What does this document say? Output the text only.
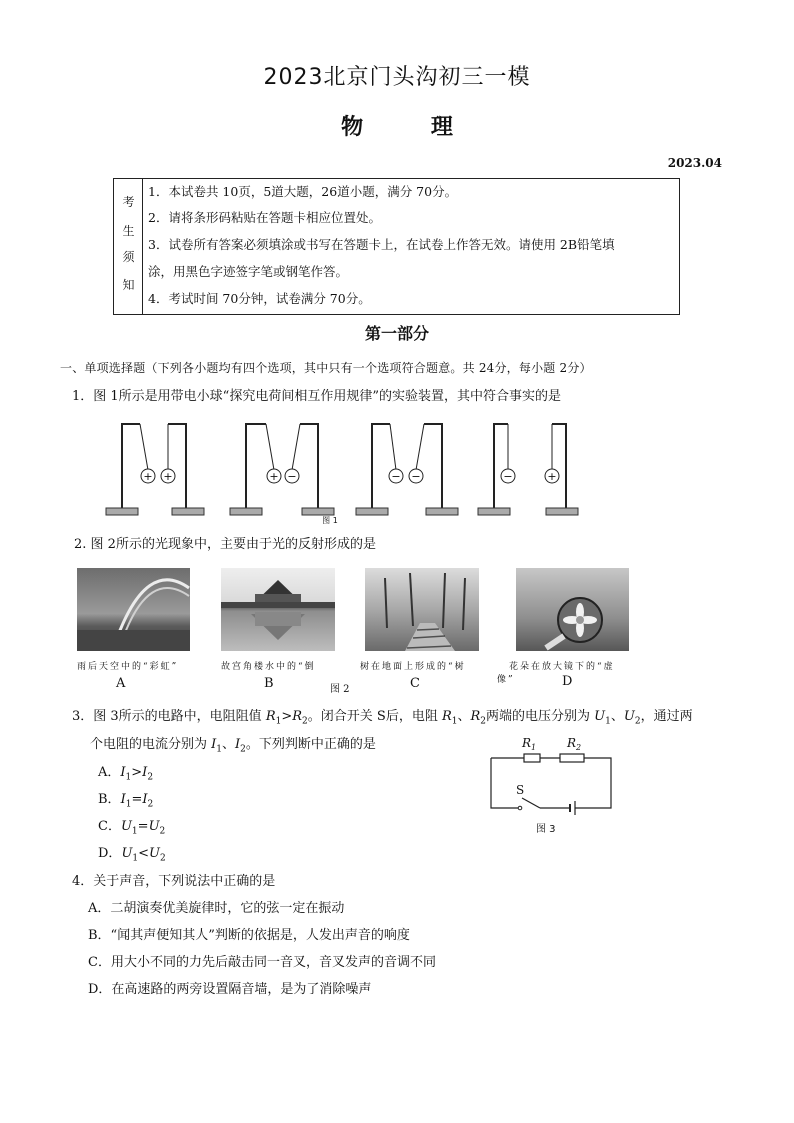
2023北京门头沟初三一模
物 理
2023.04
考
生
须
知
1．本试卷共 10页，5道大题，26道小题，满分 70分。
2．请将条形码粘贴在答题卡相应位置处。
3．试卷所有答案必须填涂或书写在答题卡上，在试卷上作答无效。请使用 2B铅笔填
涂，用黑色字迹签字笔或钢笔作答。
4．考试时间 70分钟，试卷满分 70分。
第一部分
一、单项选择题（下列各小题均有四个选项，其中只有一个选项符合题意。共 24分，每小题 2分）
1．图 1所示是用带电小球“探究电荷间相互作用规律”的实验装置，其中符合事实的是
+ +	+ −	− −	−	+
图 1
2. 图 2所示的光现象中，主要由于光的反射形成的是
雨后天空中的“彩虹”	故宫角楼水中的“倒
图 2
树在地面上形成的“树	花朵在放大镜下的“虚
像”
A	B	C	D
3．图 3所示的电路中，电阻阻值 $R_1>R_2$。闭合开关 S后，电阻 $R_1$、$R_2$两端的电压分别为 $U_1$、$U_2$，通过两
个电阻的电流分别为 $I_1$、$I_2$。下列判断中正确的是
A．$I_1>I_2$
B．$I_1=I_2$
C．$U_1=U_2$
D．$U_1<U_2$
$R_1$	$R_2$
S
图 3
4．关于声音，下列说法中正确的是
A．二胡演奏优美旋律时，它的弦一定在振动
B．“闻其声便知其人”判断的依据是，人发出声音的响度
C．用大小不同的力先后敲击同一音叉，音叉发声的音调不同
D．在高速路的两旁设置隔音墙，是为了消除噪声
